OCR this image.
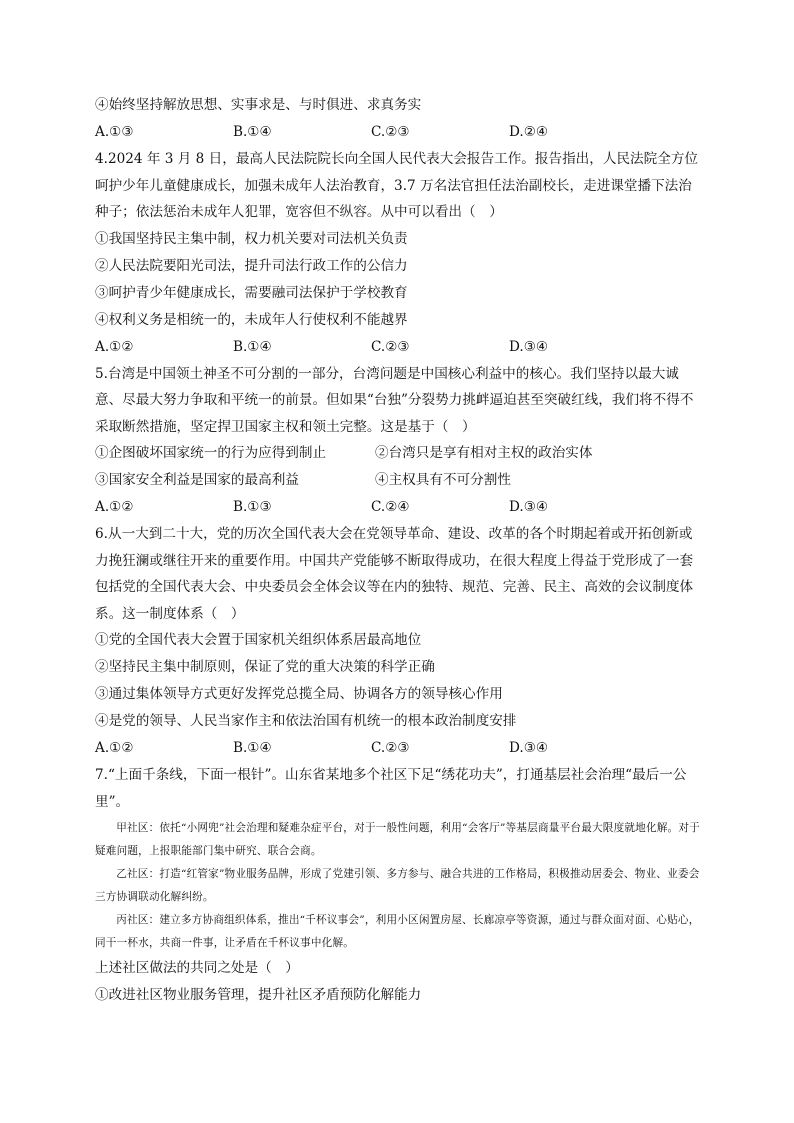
④始终坚持解放思想、实事求是、与时俱进、求真务实
A.①③	B.①④	C.②③	D.②④
4.2024 年 3 月 8 日，最高人民法院院长向全国人民代表大会报告工作。报告指出，人民法院全方位呵护少年儿童健康成长，加强未成年人法治教育，3.7 万名法官担任法治副校长，走进课堂播下法治种子；依法惩治未成年人犯罪，宽容但不纵容。从中可以看出（　）
①我国坚持民主集中制，权力机关要对司法机关负责
②人民法院要阳光司法，提升司法行政工作的公信力
③呵护青少年健康成长，需要融司法保护于学校教育
④权利义务是相统一的，未成年人行使权利不能越界
A.①②	B.①④	C.②③	D.③④
5.台湾是中国领土神圣不可分割的一部分，台湾问题是中国核心利益中的核心。我们坚持以最大诚意、尽最大努力争取和平统一的前景。但如果“台独”分裂势力挑衅逼迫甚至突破红线，我们将不得不采取断然措施，坚定捍卫国家主权和领土完整。这是基于（　）
①企图破坏国家统一的行为应得到制止	②台湾只是享有相对主权的政治实体
③国家安全利益是国家的最高利益	④主权具有不可分割性
A.①②	B.①③	C.②④	D.③④
6.从一大到二十大，党的历次全国代表大会在党领导革命、建设、改革的各个时期起着或开拓创新或力挽狂澜或继往开来的重要作用。中国共产党能够不断取得成功，在很大程度上得益于党形成了一套包括党的全国代表大会、中央委员会全体会议等在内的独特、规范、完善、民主、高效的会议制度体系。这一制度体系（　）
①党的全国代表大会置于国家机关组织体系居最高地位
②坚持民主集中制原则，保证了党的重大决策的科学正确
③通过集体领导方式更好发挥党总揽全局、协调各方的领导核心作用
④是党的领导、人民当家作主和依法治国有机统一的根本政治制度安排
A.①②	B.①④	C.②③	D.③④
7.“上面千条线，下面一根针”。山东省某地多个社区下足“绣花功夫”，打通基层社会治理“最后一公里”。
甲社区：依托“小网兜”社会治理和疑难杂症平台，对于一般性问题，利用“会客厅”等基层商量平台最大限度就地化解。对于疑难问题，上报职能部门集中研究、联合会商。
乙社区：打造“红管家”物业服务品牌，形成了党建引领、多方参与、融合共进的工作格局，积极推动居委会、物业、业委会三方协调联动化解纠纷。
丙社区：建立多方协商组织体系，推出“千杯议事会”，利用小区闲置房屋、长廊凉亭等资源，通过与群众面对面、心贴心，同干一杯水，共商一件事，让矛盾在千杯议事中化解。
上述社区做法的共同之处是（　）
①改进社区物业服务管理，提升社区矛盾预防化解能力
